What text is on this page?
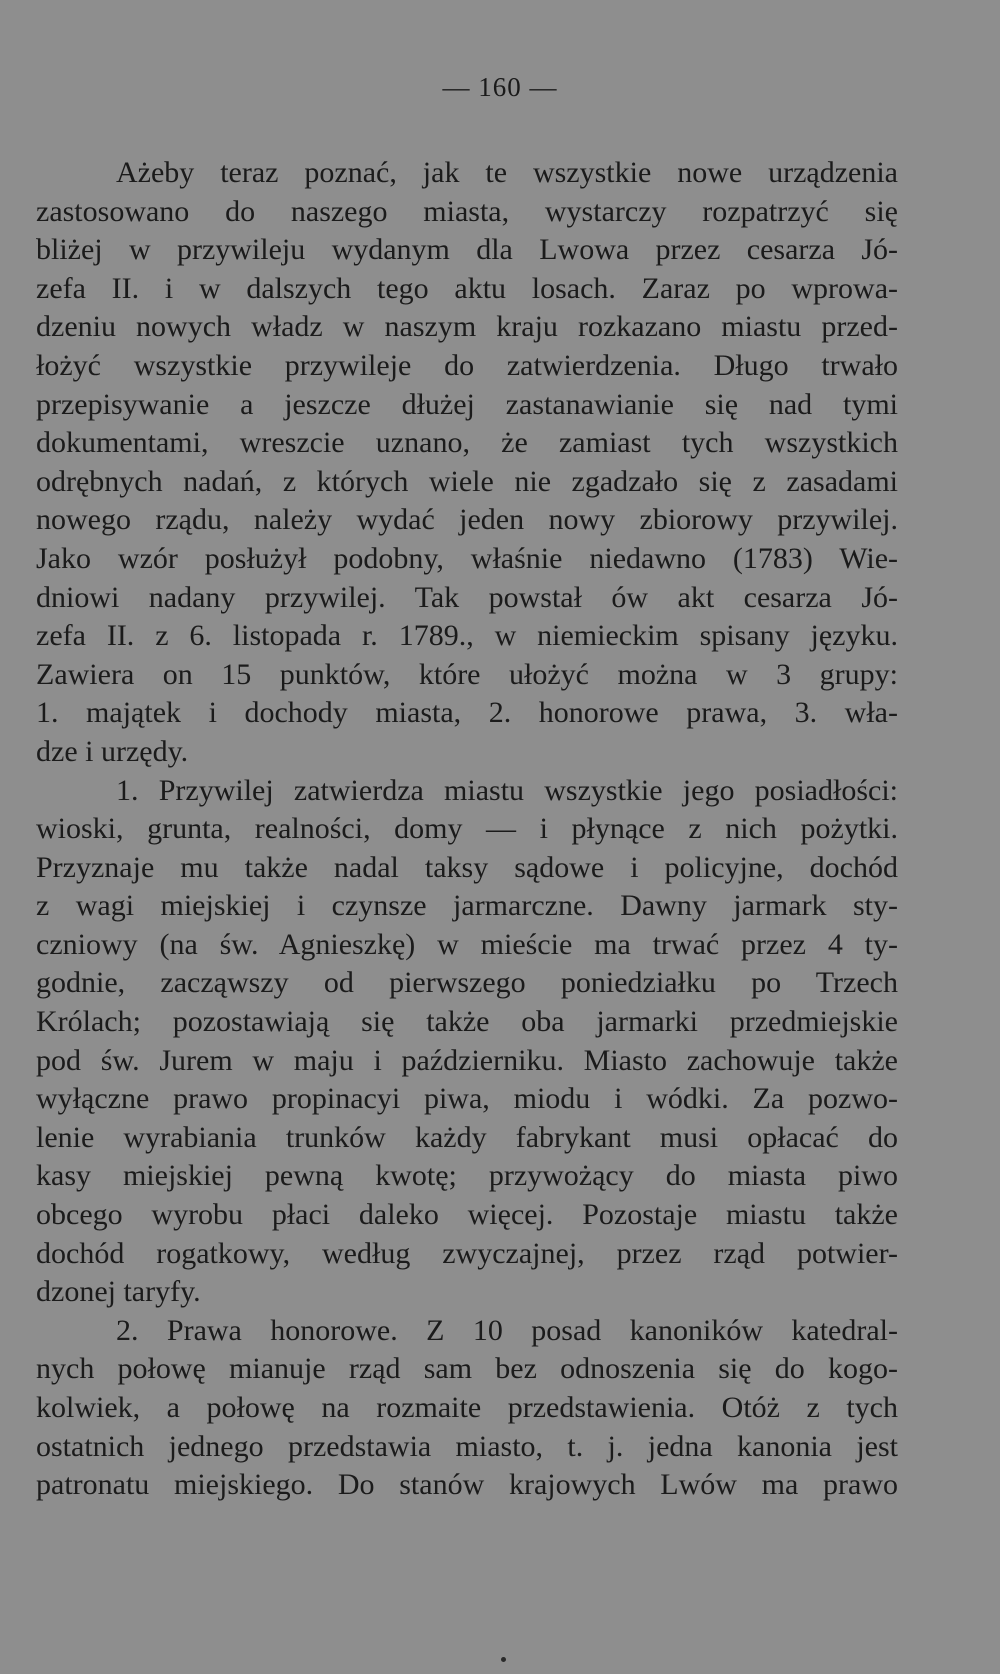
— 160 —
Ażeby teraz poznać, jak te wszystkie nowe urządzenia
zastosowano do naszego miasta, wystarczy rozpatrzyć się
bliżej w przywileju wydanym dla Lwowa przez cesarza Jó-
zefa II. i w dalszych tego aktu losach. Zaraz po wprowa-
dzeniu nowych władz w naszym kraju rozkazano miastu przed-
łożyć wszystkie przywileje do zatwierdzenia. Długo trwało
przepisywanie a jeszcze dłużej zastanawianie się nad tymi
dokumentami, wreszcie uznano, że zamiast tych wszystkich
odrębnych nadań, z których wiele nie zgadzało się z zasadami
nowego rządu, należy wydać jeden nowy zbiorowy przywilej.
Jako wzór posłużył podobny, właśnie niedawno (1783) Wie-
dniowi nadany przywilej. Tak powstał ów akt cesarza Jó-
zefa II. z 6. listopada r. 1789., w niemieckim spisany języku.
Zawiera on 15 punktów, które ułożyć można w 3 grupy:
1. majątek i dochody miasta, 2. honorowe prawa, 3. wła-
dze i urzędy.
1. Przywilej zatwierdza miastu wszystkie jego posiadłości:
wioski, grunta, realności, domy — i płynące z nich pożytki.
Przyznaje mu także nadal taksy sądowe i policyjne, dochód
z wagi miejskiej i czynsze jarmarczne. Dawny jarmark sty-
czniowy (na św. Agnieszkę) w mieście ma trwać przez 4 ty-
godnie, zacząwszy od pierwszego poniedziałku po Trzech
Królach; pozostawiają się także oba jarmarki przedmiejskie
pod św. Jurem w maju i październiku. Miasto zachowuje także
wyłączne prawo propinacyi piwa, miodu i wódki. Za pozwo-
lenie wyrabiania trunków każdy fabrykant musi opłacać do
kasy miejskiej pewną kwotę; przywożący do miasta piwo
obcego wyrobu płaci daleko więcej. Pozostaje miastu także
dochód rogatkowy, według zwyczajnej, przez rząd potwier-
dzonej taryfy.
2. Prawa honorowe. Z 10 posad kanoników katedral-
nych połowę mianuje rząd sam bez odnoszenia się do kogo-
kolwiek, a połowę na rozmaite przedstawienia. Otóż z tych
ostatnich jednego przedstawia miasto, t. j. jedna kanonia jest
patronatu miejskiego. Do stanów krajowych Lwów ma prawo
